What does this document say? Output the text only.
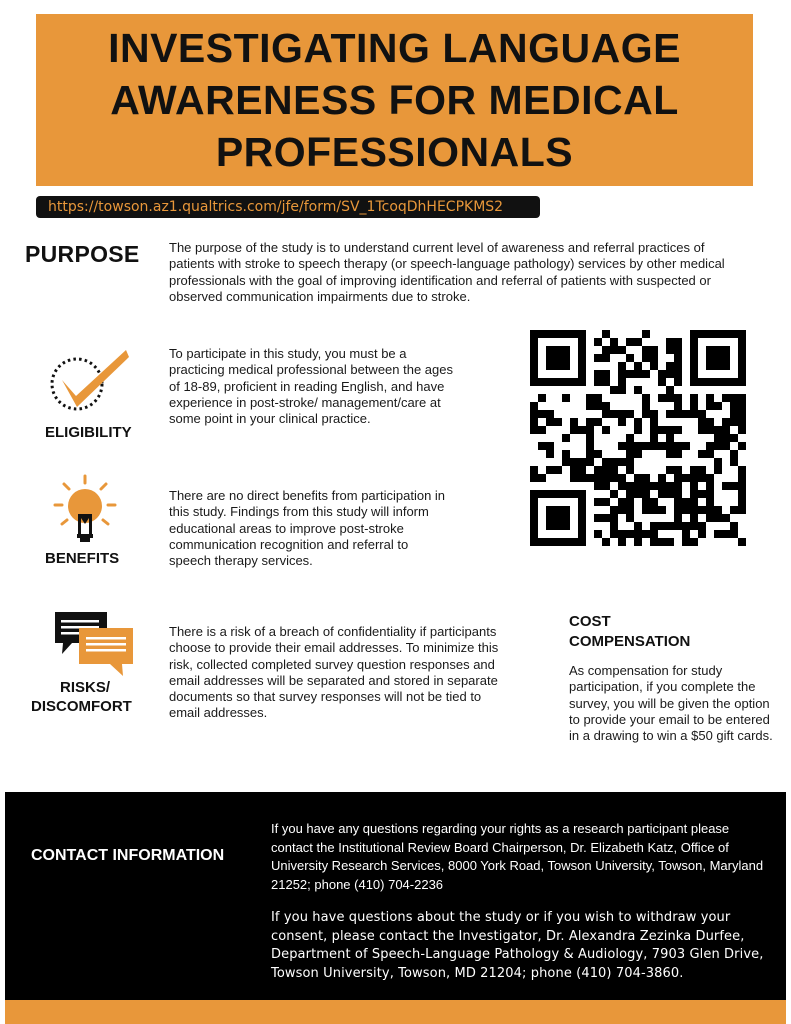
INVESTIGATING LANGUAGE AWARENESS FOR MEDICAL PROFESSIONALS
https://towson.az1.qualtrics.com/jfe/form/SV_1TcoqDhHECPKMS2
PURPOSE The purpose of the study is to understand current level of awareness and referral practices of patients with stroke to speech therapy (or speech-language pathology) services by other medical professionals with the goal of improving identification and referral of patients with suspected or observed communication impairments due to stroke.
ELIGIBILITY
To participate in this study, you must be a practicing medical professional between the ages of 18-89, proficient in reading English, and have experience in post-stroke/ management/care at some point in your clinical practice.
BENEFITS
There are no direct benefits from participation in this study. Findings from this study will inform educational areas to improve post-stroke communication recognition and referral to speech therapy services.
RISKS/
DISCOMFORT
There is a risk of a breach of confidentiality if participants choose to provide their email addresses. To minimize this risk, collected completed survey question responses and email addresses will be separated and stored in separate documents so that survey responses will not be tied to email addresses.
COST
COMPENSATION
As compensation for study participation, if you complete the survey, you will be given the option to provide your email to be entered in a drawing to win a $50 gift cards.
CONTACT INFORMATION
If you have any questions regarding your rights as a research participant please contact the Institutional Review Board Chairperson, Dr. Elizabeth Katz, Office of University Research Services, 8000 York Road, Towson University, Towson, Maryland 21252; phone (410) 704-2236
If you have questions about the study or if you wish to withdraw your consent, please contact the Investigator, Dr. Alexandra Zezinka Durfee, Department of Speech-Language Pathology & Audiology, 7903 Glen Drive, Towson University, Towson, MD 21204; phone (410) 704-3860.
